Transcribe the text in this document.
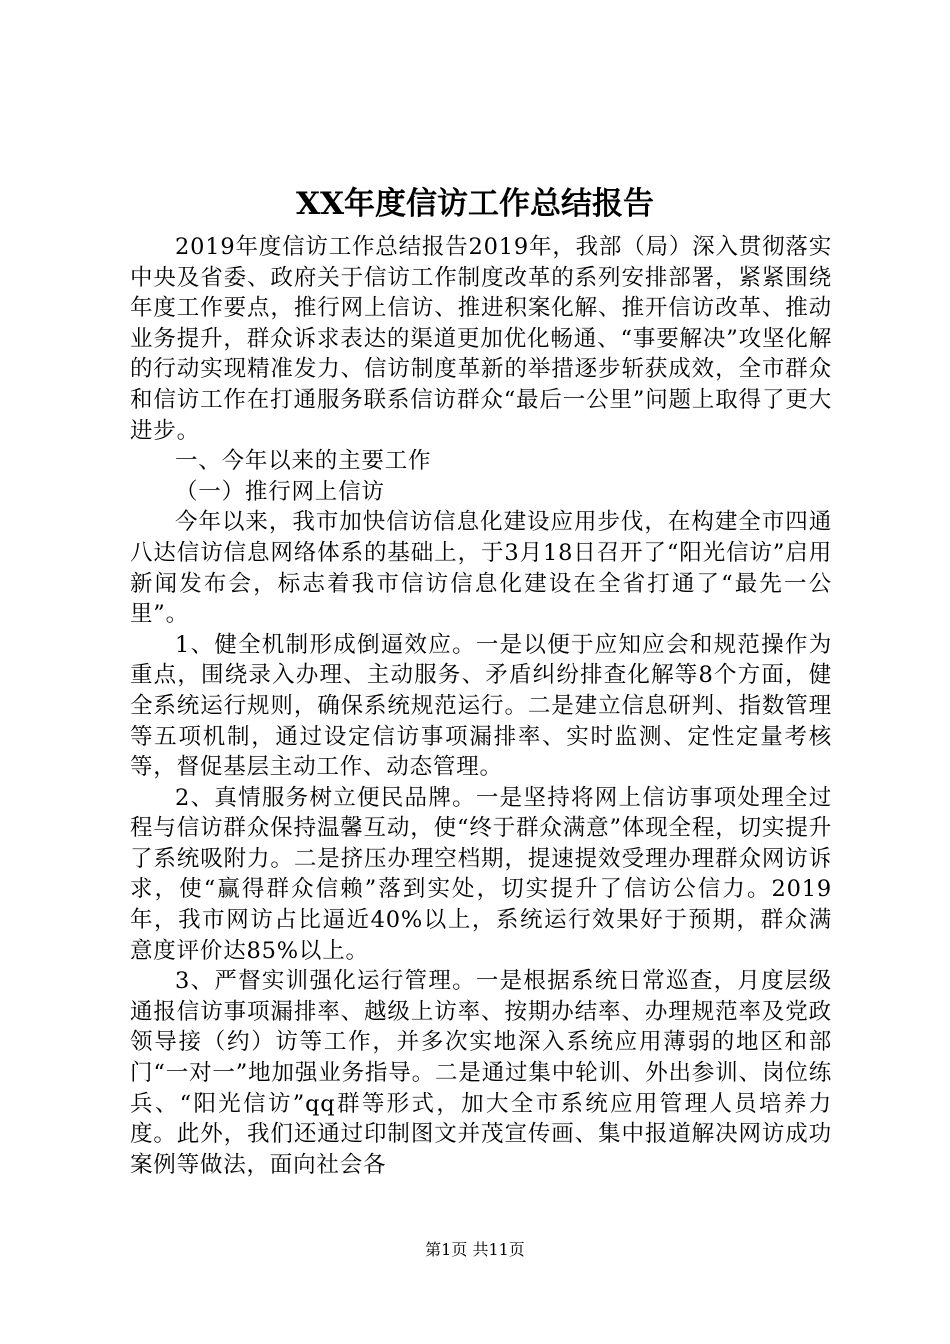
XX年度信访工作总结报告

2019年度信访工作总结报告2019年，我部（局）深入贯彻落实中央及省委、政府关于信访工作制度改革的系列安排部署，紧紧围绕年度工作要点，推行网上信访、推进积案化解、推开信访改革、推动业务提升，群众诉求表达的渠道更加优化畅通、“事要解决”攻坚化解的行动实现精准发力、信访制度革新的举措逐步斩获成效，全市群众和信访工作在打通服务联系信访群众“最后一公里”问题上取得了更大进步。

一、今年以来的主要工作

（一）推行网上信访

今年以来，我市加快信访信息化建设应用步伐，在构建全市四通八达信访信息网络体系的基础上，于3月18日召开了“阳光信访”启用新闻发布会，标志着我市信访信息化建设在全省打通了“最先一公里”。

1、健全机制形成倒逼效应。一是以便于应知应会和规范操作为重点，围绕录入办理、主动服务、矛盾纠纷排查化解等8个方面，健全系统运行规则，确保系统规范运行。二是建立信息研判、指数管理等五项机制，通过设定信访事项漏排率、实时监测、定性定量考核等，督促基层主动工作、动态管理。

2、真情服务树立便民品牌。一是坚持将网上信访事项处理全过程与信访群众保持温馨互动，使“终于群众满意”体现全程，切实提升了系统吸附力。二是挤压办理空档期，提速提效受理办理群众网访诉求，使“赢得群众信赖”落到实处，切实提升了信访公信力。2019年，我市网访占比逼近40%以上，系统运行效果好于预期，群众满意度评价达85%以上。

3、严督实训强化运行管理。一是根据系统日常巡查，月度层级通报信访事项漏排率、越级上访率、按期办结率、办理规范率及党政领导接（约）访等工作，并多次实地深入系统应用薄弱的地区和部门“一对一”地加强业务指导。二是通过集中轮训、外出参训、岗位练兵、“阳光信访”qq群等形式，加大全市系统应用管理人员培养力度。此外，我们还通过印制图文并茂宣传画、集中报道解决网访成功案例等做法，面向社会各

第1页 共11页
